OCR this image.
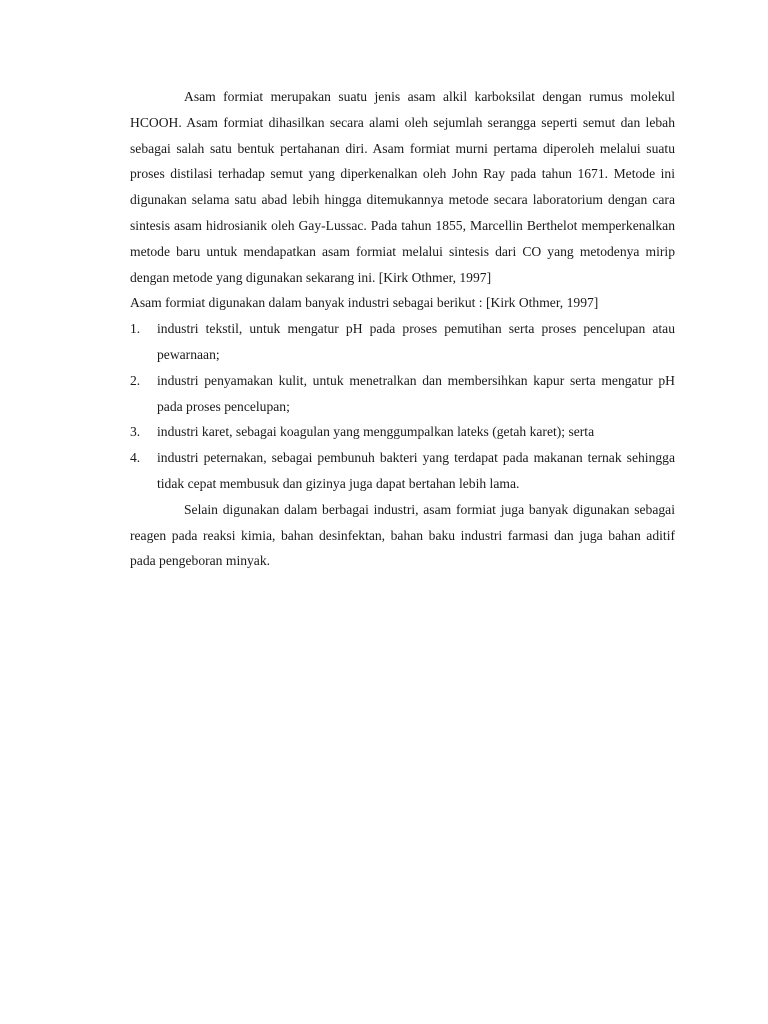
Asam formiat merupakan suatu jenis asam alkil karboksilat dengan rumus molekul HCOOH. Asam formiat dihasilkan secara alami oleh sejumlah serangga seperti semut dan lebah sebagai salah satu bentuk pertahanan diri. Asam formiat murni pertama diperoleh melalui suatu proses distilasi terhadap semut yang diperkenalkan oleh John Ray pada tahun 1671. Metode ini digunakan selama satu abad lebih hingga ditemukannya metode secara laboratorium dengan cara sintesis asam hidrosianik oleh Gay-Lussac. Pada tahun 1855, Marcellin Berthelot memperkenalkan metode baru untuk mendapatkan asam formiat melalui sintesis dari CO yang metodenya mirip dengan metode yang digunakan sekarang ini. [Kirk Othmer, 1997]

Asam formiat digunakan dalam banyak industri sebagai berikut : [Kirk Othmer, 1997]

1. industri tekstil, untuk mengatur pH pada proses pemutihan serta proses pencelupan atau pewarnaan;
2. industri penyamakan kulit, untuk menetralkan dan membersihkan kapur serta mengatur pH pada proses pencelupan;
3. industri karet, sebagai koagulan yang menggumpalkan lateks (getah karet); serta
4. industri peternakan, sebagai pembunuh bakteri yang terdapat pada makanan ternak sehingga tidak cepat membusuk dan gizinya juga dapat bertahan lebih lama.

Selain digunakan dalam berbagai industri, asam formiat juga banyak digunakan sebagai reagen pada reaksi kimia, bahan desinfektan, bahan baku industri farmasi dan juga bahan aditif pada pengeboran minyak.
